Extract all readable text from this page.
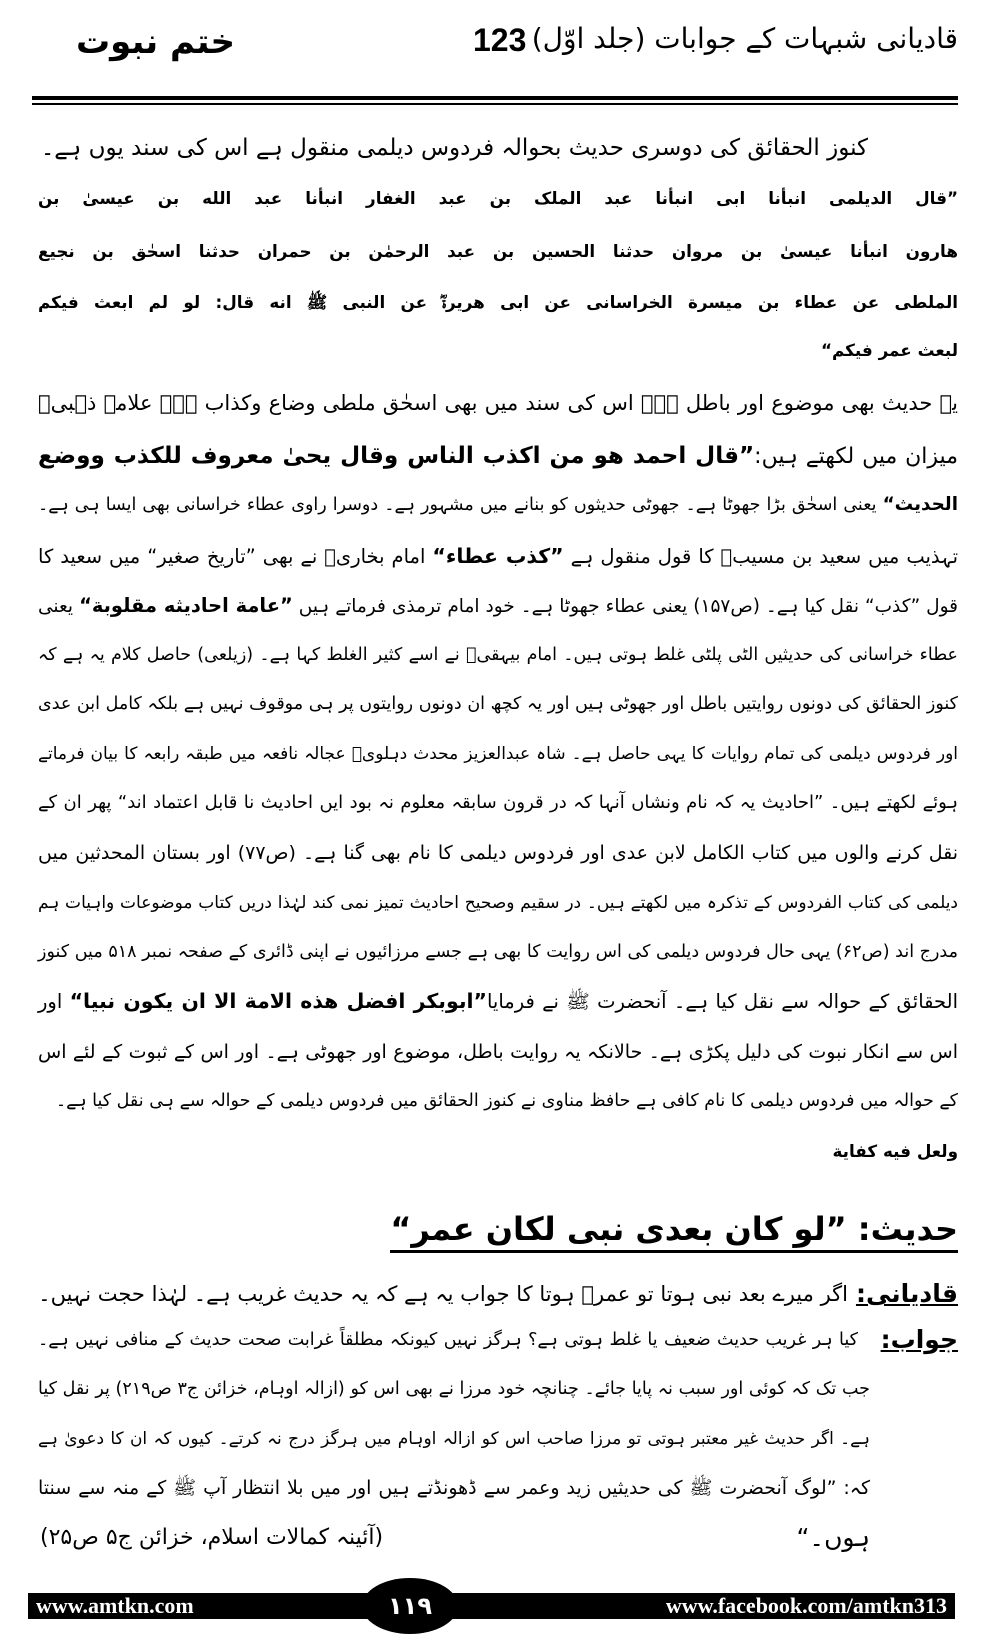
ختم نبوت	123 قادیانی شبہات کے جوابات (جلد اوّل)
کنوز الحقائق کی دوسری حدیث بحوالہ فردوس دیلمی منقول ہے اس کی سند یوں ہے۔
”قال الدیلمی انبأنا ابی انبأنا عبد الملک بن عبد الغفار انبأنا عبد الله بن عیسیٰ بن
ھارون انبأنا عیسیٰ بن مروان حدثنا الحسین بن عبد الرحمٰن بن حمران حدثنا اسحٰق بن نجیع
الملطی عن عطاء بن میسرة الخراسانی عن ابی ھریرةؓ عن النبی ﷺ انه قال: لو لم ابعث فیکم
لبعث عمر فیکم“
یہ حدیث بھی موضوع اور باطل ہے۔ اس کی سند میں بھی اسحٰق ملطی وضاع وکذاب ہے۔ علامہ ذہبیؒ
میزان میں لکھتے ہیں:”قال احمد ھو من اکذب الناس وقال یحیٰ معروف للکذب ووضع
الحدیث“ یعنی اسحٰق بڑا جھوٹا ہے۔ جھوٹی حدیثوں کو بنانے میں مشہور ہے۔ دوسرا راوی عطاء خراسانی بھی ایسا ہی ہے۔
تہذیب میں سعید بن مسیبؒ کا قول منقول ہے ”کذب عطاء“ امام بخاریؒ نے بھی ”تاریخ صغیر“ میں سعید کا
قول ”کذب“ نقل کیا ہے۔ (ص۱۵۷) یعنی عطاء جھوٹا ہے۔ خود امام ترمذی فرماتے ہیں ”عامة احادیثه مقلوبة“ یعنی
عطاء خراسانی کی حدیثیں الٹی پلٹی غلط ہوتی ہیں۔ امام بیہقیؒ نے اسے کثیر الغلط کہا ہے۔ (زیلعی) حاصل کلام یہ ہے کہ
کنوز الحقائق کی دونوں روایتیں باطل اور جھوٹی ہیں اور یہ کچھ ان دونوں روایتوں پر ہی موقوف نہیں ہے بلکہ کامل ابن عدی
اور فردوس دیلمی کی تمام روایات کا یہی حاصل ہے۔ شاہ عبدالعزیز محدث دہلویؒ عجالہ نافعہ میں طبقہ رابعہ کا بیان فرماتے
ہوئے لکھتے ہیں۔ ”احادیث یہ کہ نام ونشاں آنہا کہ در قرون سابقہ معلوم نہ بود ایں احادیث نا قابل اعتماد اند“ پھر ان کے
نقل کرنے والوں میں کتاب الکامل لابن عدی اور فردوس دیلمی کا نام بھی گنا ہے۔ (ص۷۷) اور بستان المحدثین میں
دیلمی کی کتاب الفردوس کے تذکرہ میں لکھتے ہیں۔ در سقیم وصحیح احادیث تمیز نمی کند لہٰذا دریں کتاب موضوعات واہیات ہم
مدرج اند (ص۶۲) یہی حال فردوس دیلمی کی اس روایت کا بھی ہے جسے مرزائیوں نے اپنی ڈائری کے صفحہ نمبر ۵۱۸ میں کنوز
الحقائق کے حوالہ سے نقل کیا ہے۔ آنحضرت ﷺ نے فرمایا”ابوبکر افضل ھذه الامة الا ان یکون نبیا“ اور
اس سے انکار نبوت کی دلیل پکڑی ہے۔ حالانکہ یہ روایت باطل، موضوع اور جھوٹی ہے۔ اور اس کے ثبوت کے لئے اس
کے حوالہ میں فردوس دیلمی کا نام کافی ہے حافظ مناوی نے کنوز الحقائق میں فردوس دیلمی کے حوالہ سے ہی نقل کیا ہے۔
ولعل فیه کفایة
حدیث: ”لو کان بعدی نبی لکان عمر“
قادیانی:
اگر میرے بعد نبی ہوتا تو عمرؓ ہوتا کا جواب یہ ہے کہ یہ حدیث غریب ہے۔ لہٰذا حجت نہیں۔
جواب:
کیا ہر غریب حدیث ضعیف یا غلط ہوتی ہے؟ ہرگز نہیں کیونکہ مطلقاً غرابت صحت حدیث کے منافی نہیں ہے۔
جب تک کہ کوئی اور سبب نہ پایا جائے۔ چنانچہ خود مرزا نے بھی اس کو (ازالہ اوہام، خزائن ج۳ ص۲۱۹) پر نقل کیا
ہے۔ اگر حدیث غیر معتبر ہوتی تو مرزا صاحب اس کو ازالہ اوہام میں ہرگز درج نہ کرتے۔ کیوں کہ ان کا دعویٰ ہے
کہ: ”لوگ آنحضرت ﷺ کی حدیثیں زید وعمر سے ڈھونڈتے ہیں اور میں بلا انتظار آپ ﷺ کے منہ سے سنتا
ہوں۔“
(آئینہ کمالات اسلام، خزائن ج۵ ص۲۵)
www.amtkn.com	www.facebook.com/amtkn313
۱۱۹
